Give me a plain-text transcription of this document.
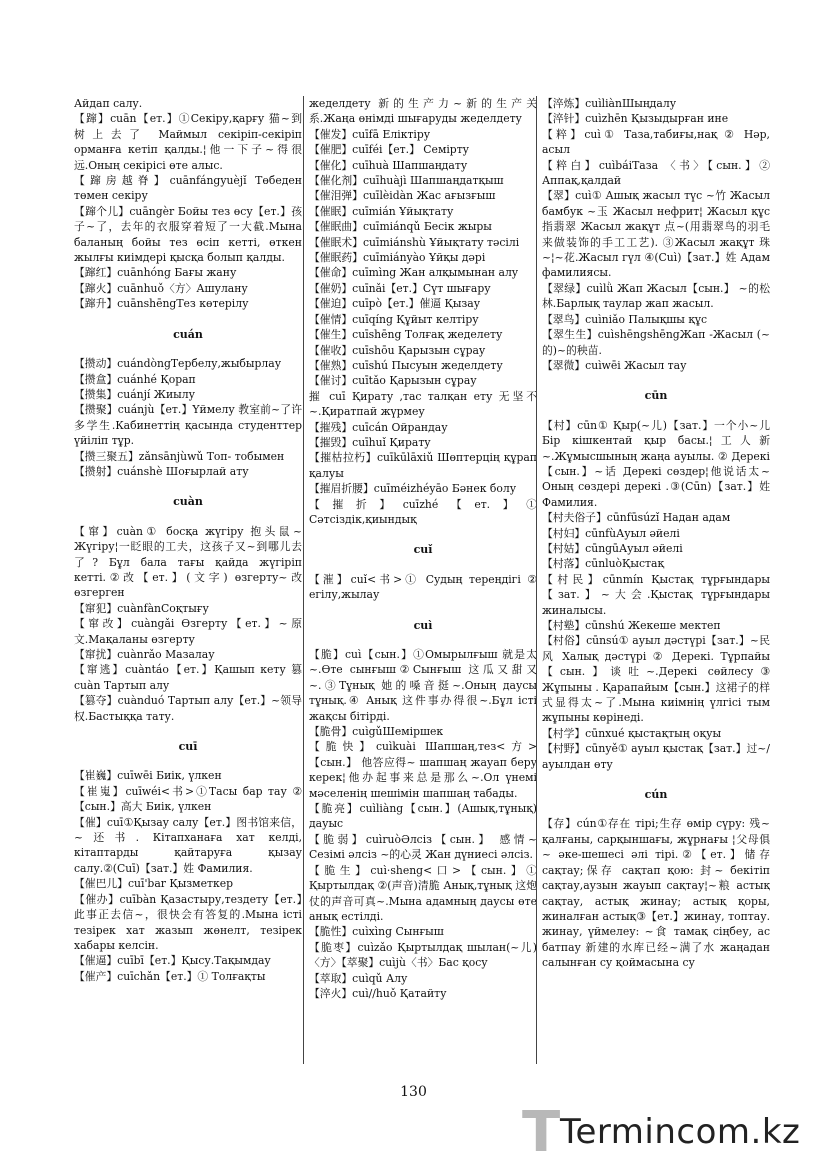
Айдап салу.

【蹿】cuān【ет.】①Секіру,қарғу 猫~到 树上去了 Маймыл секіріп-секіріп орманға кетіп қалды.¦他一下子~得很远.Оның секірісі өте алыс.

【蹿房越脊】cuānfángyuèjǐ Төбеден төмен секіру

【蹿个儿】cuāngèr Бойы тез өсу【ет.】孩子~了，去年的衣服穿着短了一大截.Мына баланың бойы тез өсіп кетті, өткен жылғы киімдері қысқа болып қалды.

【蹿红】cuānhóng Бағы жану

【蹿火】cuānhuǒ〈方〉Ашулану

【蹿升】cuānshēngТез көтерілу

cuán

【攒动】cuándòngТербелу,жыбырлау

【攒盒】cuánhé Қорап

【攒集】cuánjí Жиылу

【攒聚】cuánjù【ет.】Үймелу 教室前~了许多学生.Кабинеттің қасында студенттер үйіліп тұр.

【攒三聚五】zǎnsānjùwǔ Топ- тобымен

【攒射】cuánshè Шоғырлай ату

cuàn

【窜】cuàn① босқа жүгіру 抱头鼠~ Жүгіру¦一眨眼的工夫，这孩子又~到哪儿去了? Бұл бала тағы қайда жүгіріп кетті.②改【ет.】(文字) өзгерту~改 өзгерген

【窜犯】cuànfànСоқтығу

【窜改】cuàngǎi Өзгерту【ет.】~原文.Мақаланы өзгерту

【窜扰】cuànrǎo Мазалау

【窜逃】cuàntáo【ет.】Қашып кету 篡 cuàn Тартып алу

【篡夺】cuànduó Тартып алу【ет.】~领导权.Бастыққа тату.

cuī

【崔巍】cuīwēi Биік, үлкен

【崔嵬】cuīwéi<书>①Тасы бар тау ②【сын.】高大 Биік, үлкен

【催】cuī①Қызау салу【ет.】图书馆来信，~还书. Кітапханаға хат келді, кітаптарды қайтаруға қызау салу.②(Cuī)【зат.】姓 Фамилия.

【催巴儿】cuī'bar Қызметкер

【催办】cuībàn Қазастыру,тездету【ет.】此事正去信~，很快会有答复的.Мына істі тезірек хат жазып жөнелт, тезірек хабары келсін.

【催逼】cuībī【ет.】Қысу.Тақымдау

【催产】cuīchǎn【ет.】① Толғақты

жеделдету 新的生产力~新的生产关系.Жаңа өнімді шығаруды жеделдету

【催发】cuīfā Еліктіру

【催肥】cuīféi【ет.】 Семірту

【催化】cuīhuà Шапшаңдату

【催化剂】cuīhuàjì Шапшаңдатқыш

【催泪弹】cuīlèidàn Жас ағызғыш

【催眠】cuīmián Ұйықтату

【催眠曲】cuīmiánqǔ Бесік жыры

【催眠术】cuīmiánshù Ұйықтату тәсілі

【催眠药】cuīmiányào Ұйқы дәрі

【催命】cuīmìng Жан алқымынан алу

【催奶】cuīnǎi【ет.】Сүт шығару

【催迫】cuīpò【ет.】催逼 Қызау

【催情】cuīqíng Құйыт келтіру

【催生】cuīshēng Толғақ жеделету

【催收】cuīshōu Қарызын сұрау

【催熟】cuīshú Пысуын жеделдету

【催讨】cuītǎo Қарызын сұрау

摧 cuī Қирату ,тас талқан ету 无坚不~.Қиратпай жүрмеу

【摧残】cuīcán Ойрандау

【摧毁】cuīhuǐ Қирату

【摧枯拉朽】cuīkūlāxiǔ Шөптерцің құрап қалуы

【摧眉折腰】cuīméizhéyāo Бәнек болу

【摧折】cuīzhé【ет.】① Сәтсіздік,қиындық

cuǐ

【漼】cuǐ<书>① Судың тереңдігі ② егілу,жылау

cuì

【脆】cuì【сын.】①Омырылғыш 就是太~.Өте сынғыш②Сынғыш 这瓜又甜又~.③Тұнық 她的嗓音挺~.Оның даусы тұнық.④ Анық 这件事办得很~.Бұл істі жақсы бітірді.

【脆骨】cuìgǔШеміршек

【脆快】cuìkuài Шапшаң,тез<方>【сын.】 他答应得~ шапшаң жауап беру керек¦他办起事来总是那么~.Ол үнемі мәселенің шешімін шапшаң табады.

【脆亮】cuìliàng【сын.】(Ашық,тұнық) дауыс

【脆弱】cuìruòӘлсіз【сын.】 感情~ Сезімі әлсіз ~的心灵 Жан дүниесі әлсіз.

【脆生】cuì·sheng<口>【сын.】① Қыртылдақ ②(声音)清脆 Анық,тұнық 这炮仗的声音可真~.Мына адамның даусы өте анық естілді.

【脆性】cuìxìng Сынғыш

【脆枣】cuìzǎo Қыртылдақ шылан(~儿)〈方〉【萃聚】cuìjù〈书〉Бас қосу

【萃取】cuìqǔ Алу

【淬火】cuì//huǒ Қатайту

【淬炼】cuìliànШыңдалу

【淬针】cuìzhēn Қызыдырған ине

【粹】cuì① Таза,табиғы,нақ ② Нәр, асыл

【粹白】cuìbáiТаза 〈书〉【сын.】② Аппақ,қалдай

【翠】cuì① Ашық жасыл түс ~竹 Жасыл бамбук ~玉 Жасыл нефрит¦ Жасыл құс 指翡翠 Жасыл жақұт 点~(用翡翠鸟的羽毛来做装饰的手工工艺). ③Жасыл жақұт 珠~¦~花.Жасыл гүл ④(Cuì)【зат.】姓 Адам фамилиясы.

【翠绿】cuìlǜ Жап Жасыл【сын.】 ~的松林.Барлық таулар жап жасыл.

【翠鸟】cuìniǎo Палықшы құс

【翠生生】cuìshēngshēngЖап -Жасыл (~的)~的秧苗.

【翠微】cuìwēi Жасыл тау

cūn

【村】cūn① Қыр(~儿)【зат.】一个小~儿 Бір кішкентай қыр басы.¦工人新~.Жұмысшының жаңа ауылы. ② Дерекі【сын.】~话 Дерекі сөздер¦他说话太~ Оның сөздері дерекі .③(Cūn)【зат.】姓 Фамилия.

【村夫俗子】cūnfūsúzǐ Надан адам

【村妇】cūnfùАуыл әйелі

【村姑】cūngūАуыл әйелі

【村落】cūnluòҚыстақ

【村民】cūnmín Қыстақ тұрғындары【зат.】~大会.Қыстақ тұрғындары жиналысы.

【村塾】cūnshú Жекеше мектеп

【村俗】cūnsú① ауыл дәстүрі【зат.】~民风 Халық дәстүрі ② Дерекі. Тұрпайы【сын.】谈吐~.Дерекі сөйлесу③ Жұпыны . Қарапайым【сын.】这裙子的样式显得太~了.Мына киімнің үлгісі тым жұпыны көрінеді.

【村学】cūnxué қыстақтың оқуы

【村野】cūnyě① ауыл қыстақ【зат.】过~/ ауылдан өту

cún

【存】cún①存在 тірі;生存 өмір сүру: 残~ қалғаны, сарқыншағы, жұрнағы ¦父母俱~ әке-шешесі әлі тірі.②【ет.】储存 сақтау;保存 сақтап қою: 封~ бекітіп сақтау,аузын жауып сақтау¦~粮 астық сақтау, астық жинау; астық қоры, жиналған астық③【ет.】жинау, топтау. жинау, үймелеу: ~食 тамақ сіңбеу, ас батпау 新建的水库已经~满了水 жаңадан салынған су қоймасына су

130
T Termincom.kz
